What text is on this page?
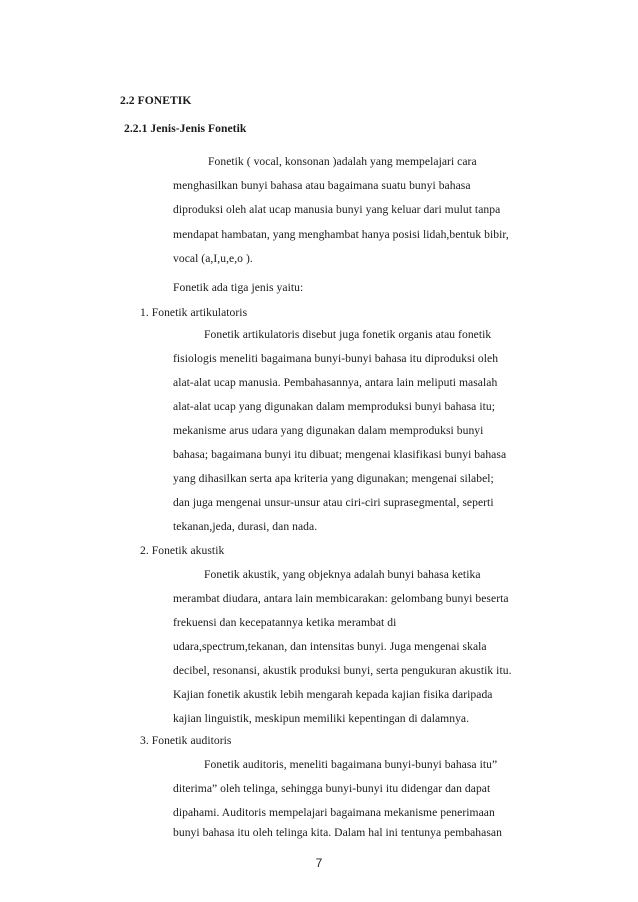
2.2 FONETIK
2.2.1 Jenis-Jenis Fonetik
Fonetik ( vocal, konsonan )adalah yang mempelajari cara
menghasilkan bunyi bahasa atau bagaimana suatu bunyi bahasa
diproduksi oleh alat ucap manusia bunyi yang keluar dari mulut tanpa
mendapat hambatan, yang menghambat hanya posisi lidah,bentuk bibir,
vocal (a,I,u,e,o ).
Fonetik ada tiga jenis yaitu:
1. Fonetik artikulatoris
Fonetik artikulatoris disebut juga fonetik organis atau fonetik
fisiologis meneliti bagaimana bunyi-bunyi bahasa itu diproduksi oleh
alat-alat ucap manusia. Pembahasannya, antara lain meliputi masalah
alat-alat ucap yang digunakan dalam memproduksi bunyi bahasa itu;
mekanisme arus udara yang digunakan dalam memproduksi bunyi
bahasa; bagaimana bunyi itu dibuat; mengenai klasifikasi bunyi bahasa
yang dihasilkan serta apa kriteria yang digunakan; mengenai silabel;
dan juga mengenai unsur-unsur atau ciri-ciri suprasegmental, seperti
tekanan,jeda, durasi, dan nada.
2. Fonetik akustik
Fonetik akustik, yang objeknya adalah bunyi bahasa ketika
merambat diudara, antara lain membicarakan: gelombang bunyi beserta
frekuensi dan kecepatannya ketika merambat di
udara,spectrum,tekanan, dan intensitas bunyi. Juga mengenai skala
decibel, resonansi, akustik produksi bunyi, serta pengukuran akustik itu.
Kajian fonetik akustik lebih mengarah kepada kajian fisika daripada
kajian linguistik, meskipun memiliki kepentingan di dalamnya.
3. Fonetik auditoris
Fonetik auditoris, meneliti bagaimana bunyi-bunyi bahasa itu”
diterima” oleh telinga, sehingga bunyi-bunyi itu didengar dan dapat
dipahami. Auditoris mempelajari bagaimana mekanisme penerimaan
bunyi bahasa itu oleh telinga kita. Dalam hal ini tentunya pembahasan
7
